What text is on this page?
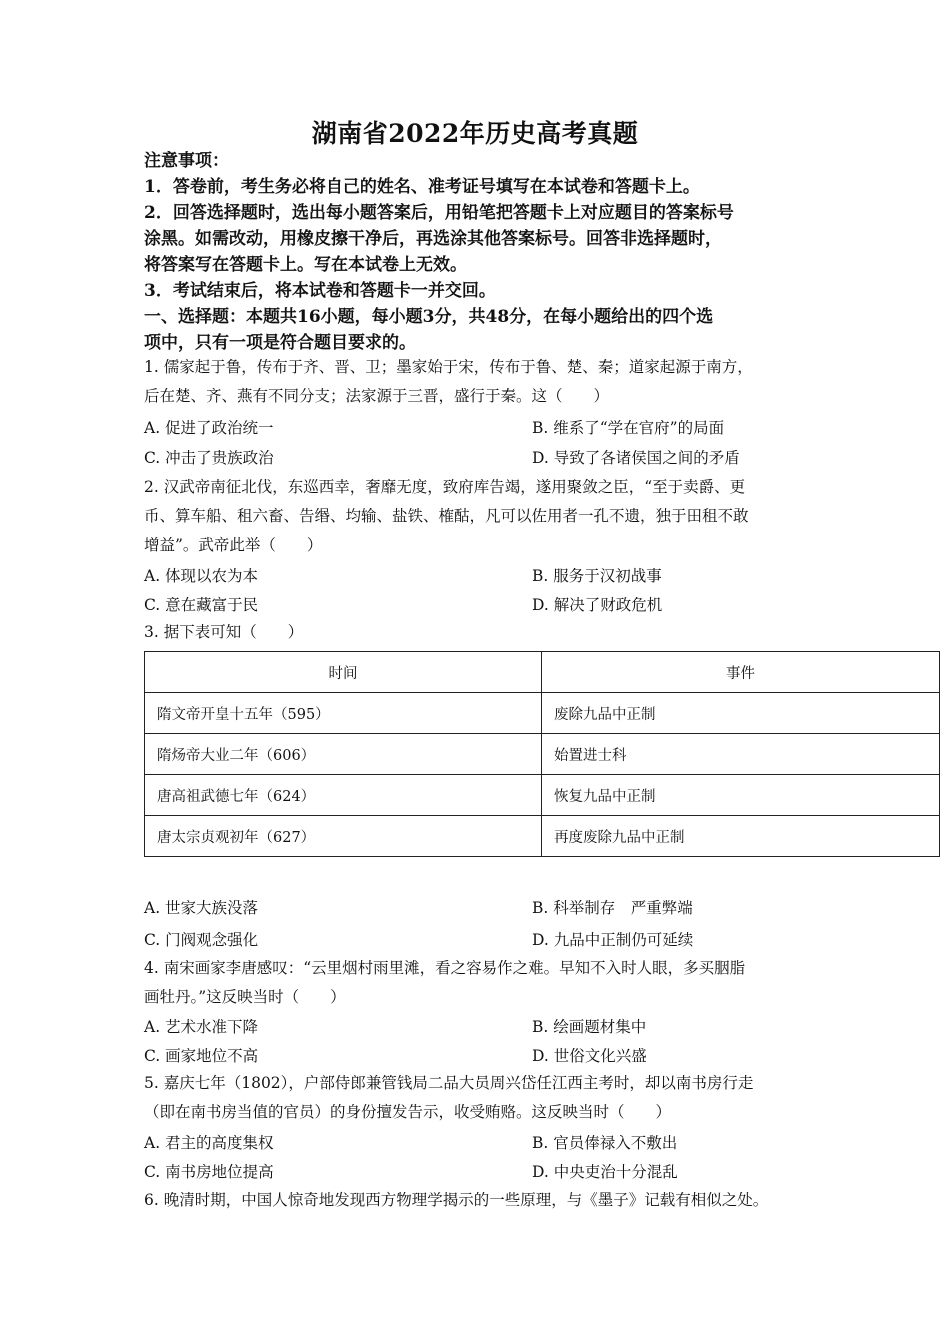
湖南省2022年历史高考真题
注意事项：
1．答卷前，考生务必将自己的姓名、准考证号填写在本试卷和答题卡上。
2．回答选择题时，选出每小题答案后，用铅笔把答题卡上对应题目的答案标号
涂黑。如需改动，用橡皮擦干净后，再选涂其他答案标号。回答非选择题时，
将答案写在答题卡上。写在本试卷上无效。
3．考试结束后，将本试卷和答题卡一并交回。
一、选择题：本题共16小题，每小题3分，共48分，在每小题给出的四个选
项中，只有一项是符合题目要求的。
1. 儒家起于鲁，传布于齐、晋、卫；墨家始于宋，传布于鲁、楚、秦；道家起源于南方，
后在楚、齐、燕有不同分支；法家源于三晋，盛行于秦。这（　　）
A. 促进了政治统一	B. 维系了“学在官府”的局面
C. 冲击了贵族政治	D. 导致了各诸侯国之间的矛盾
2. 汉武帝南征北伐，东巡西幸，奢靡无度，致府库告竭，遂用聚敛之臣，“至于卖爵、更
币、算车船、租六畜、告缗、均输、盐铁、榷酤，凡可以佐用者一孔不遗，独于田租不敢
增益”。武帝此举（　　）
A. 体现以农为本	B. 服务于汉初战事
C. 意在藏富于民	D. 解决了财政危机
3. 据下表可知（　　）
时间	事件
隋文帝开皇十五年（595）	废除九品中正制
隋炀帝大业二年（606）	始置进士科
唐高祖武德七年（624）	恢复九品中正制
唐太宗贞观初年（627）	再度废除九品中正制
A. 世家大族没落	B. 科举制存　严重弊端
C. 门阀观念强化	D. 九品中正制仍可延续
4. 南宋画家李唐感叹：“云里烟村雨里滩，看之容易作之难。早知不入时人眼，多买胭脂
画牡丹。”这反映当时（　　）
A. 艺术水准下降	B. 绘画题材集中
C. 画家地位不高	D. 世俗文化兴盛
5. 嘉庆七年（1802），户部侍郎兼管钱局二品大员周兴岱任江西主考时，却以南书房行走
（即在南书房当值的官员）的身份擅发告示，收受贿赂。这反映当时（　　）
A. 君主的高度集权	B. 官员俸禄入不敷出
C. 南书房地位提高	D. 中央吏治十分混乱
6. 晚清时期，中国人惊奇地发现西方物理学揭示的一些原理，与《墨子》记载有相似之处。
